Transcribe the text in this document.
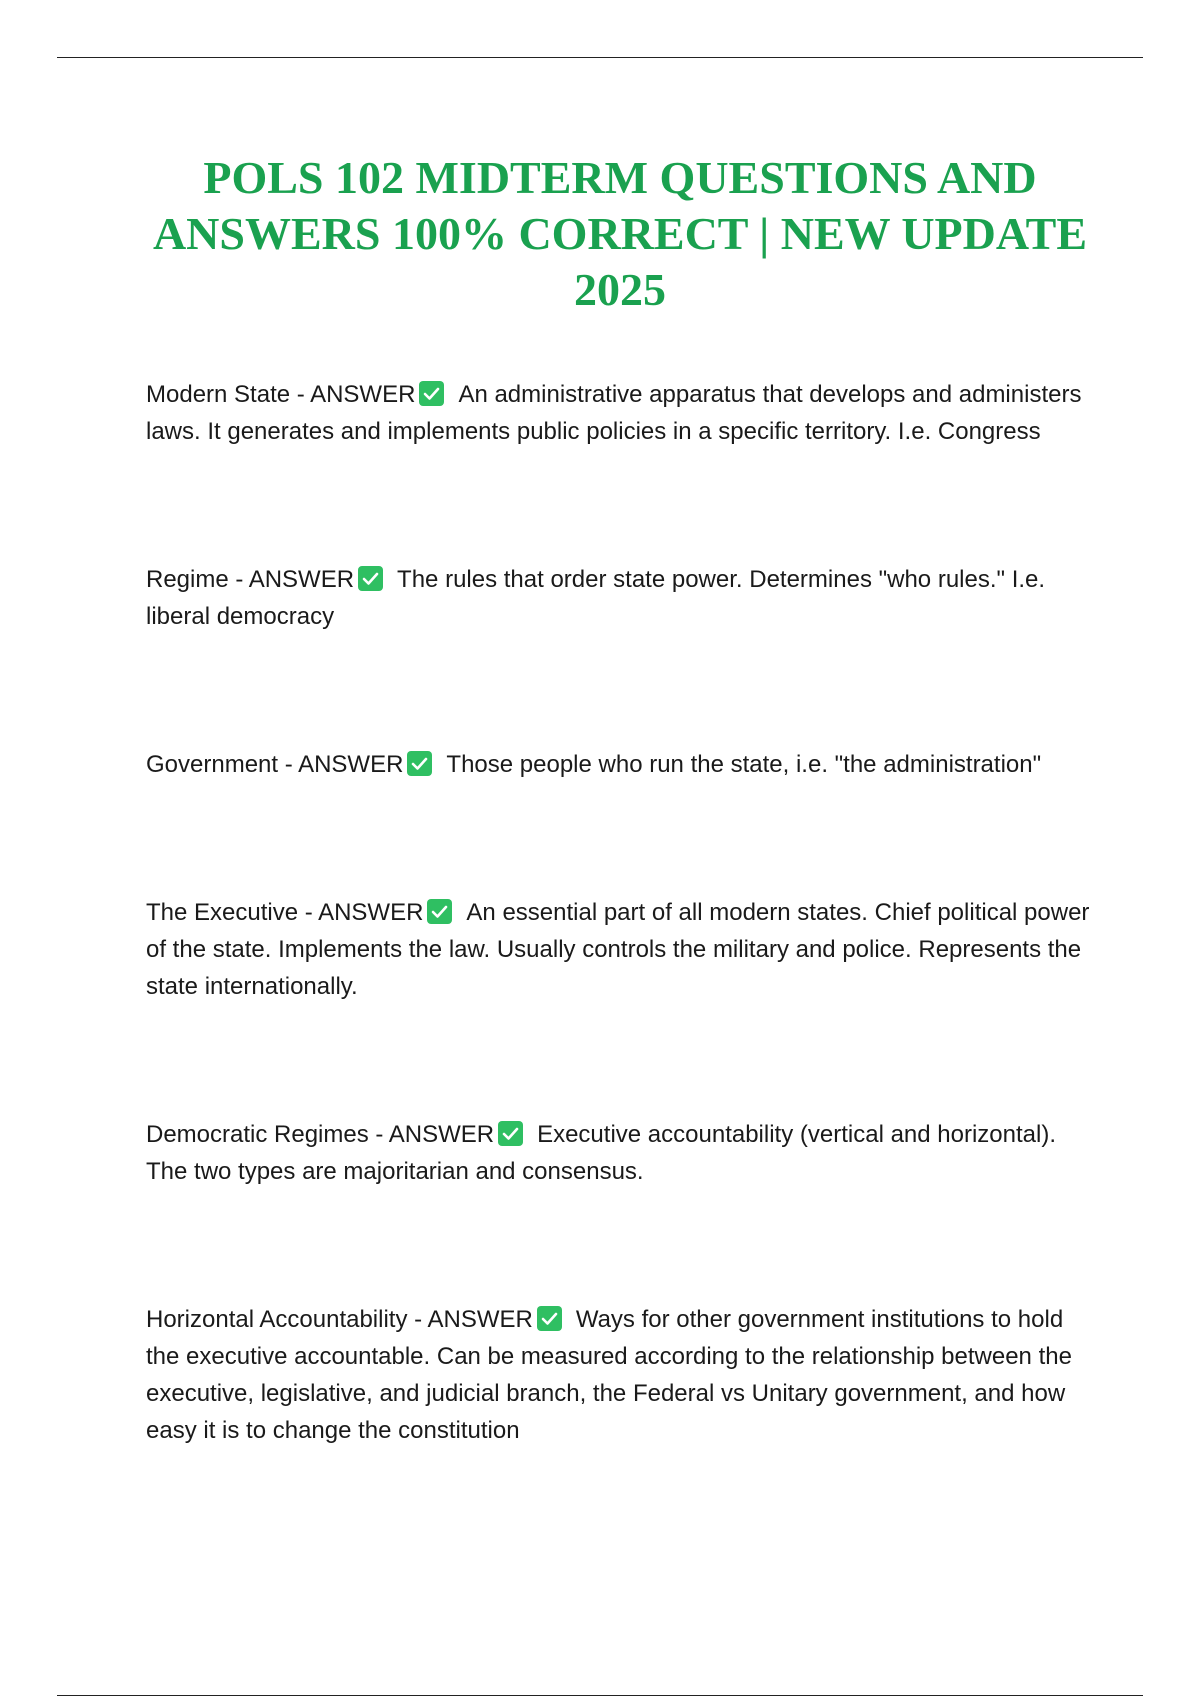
POLS 102 MIDTERM QUESTIONS AND ANSWERS 100% CORRECT | NEW UPDATE 2025

Modern State - ANSWER An administrative apparatus that develops and administers laws. It generates and implements public policies in a specific territory. I.e. Congress

Regime - ANSWER The rules that order state power. Determines "who rules." I.e. liberal democracy

Government - ANSWER Those people who run the state, i.e. "the administration"

The Executive - ANSWER An essential part of all modern states. Chief political power of the state. Implements the law. Usually controls the military and police. Represents the state internationally.

Democratic Regimes - ANSWER Executive accountability (vertical and horizontal). The two types are majoritarian and consensus.

Horizontal Accountability - ANSWER Ways for other government institutions to hold the executive accountable. Can be measured according to the relationship between the executive, legislative, and judicial branch, the Federal vs Unitary government, and how easy it is to change the constitution
